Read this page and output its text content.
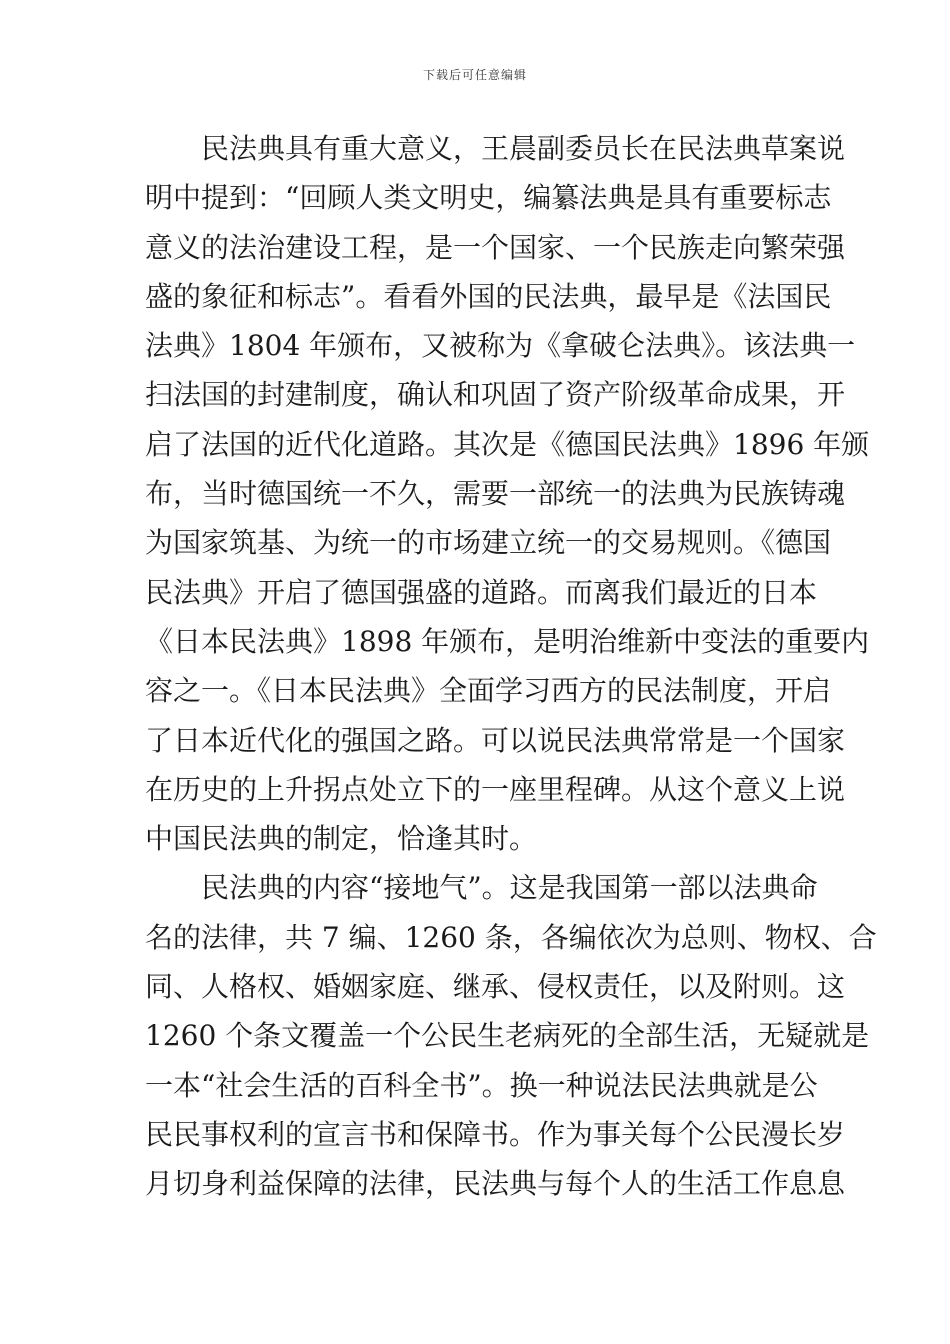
下载后可任意编辑
民法典具有重大意义，王晨副委员长在民法典草案说
明中提到：“回顾人类文明史，编纂法典是具有重要标志
意义的法治建设工程，是一个国家、一个民族走向繁荣强
盛的象征和标志”。看看外国的民法典，最早是《法国民
法典》1804 年颁布，又被称为《拿破仑法典》。该法典一
扫法国的封建制度，确认和巩固了资产阶级革命成果，开
启了法国的近代化道路。其次是《德国民法典》1896 年颁
布，当时德国统一不久，需要一部统一的法典为民族铸魂
为国家筑基、为统一的市场建立统一的交易规则。《德国
民法典》开启了德国强盛的道路。而离我们最近的日本
《日本民法典》1898 年颁布，是明治维新中变法的重要内
容之一。《日本民法典》全面学习西方的民法制度，开启
了日本近代化的强国之路。可以说民法典常常是一个国家
在历史的上升拐点处立下的一座里程碑。从这个意义上说
中国民法典的制定，恰逢其时。
民法典的内容“接地气”。这是我国第一部以法典命
名的法律，共 7 编、1260 条，各编依次为总则、物权、合
同、人格权、婚姻家庭、继承、侵权责任，以及附则。这
1260 个条文覆盖一个公民生老病死的全部生活，无疑就是
一本“社会生活的百科全书”。换一种说法民法典就是公
民民事权利的宣言书和保障书。作为事关每个公民漫长岁
月切身利益保障的法律，民法典与每个人的生活工作息息
